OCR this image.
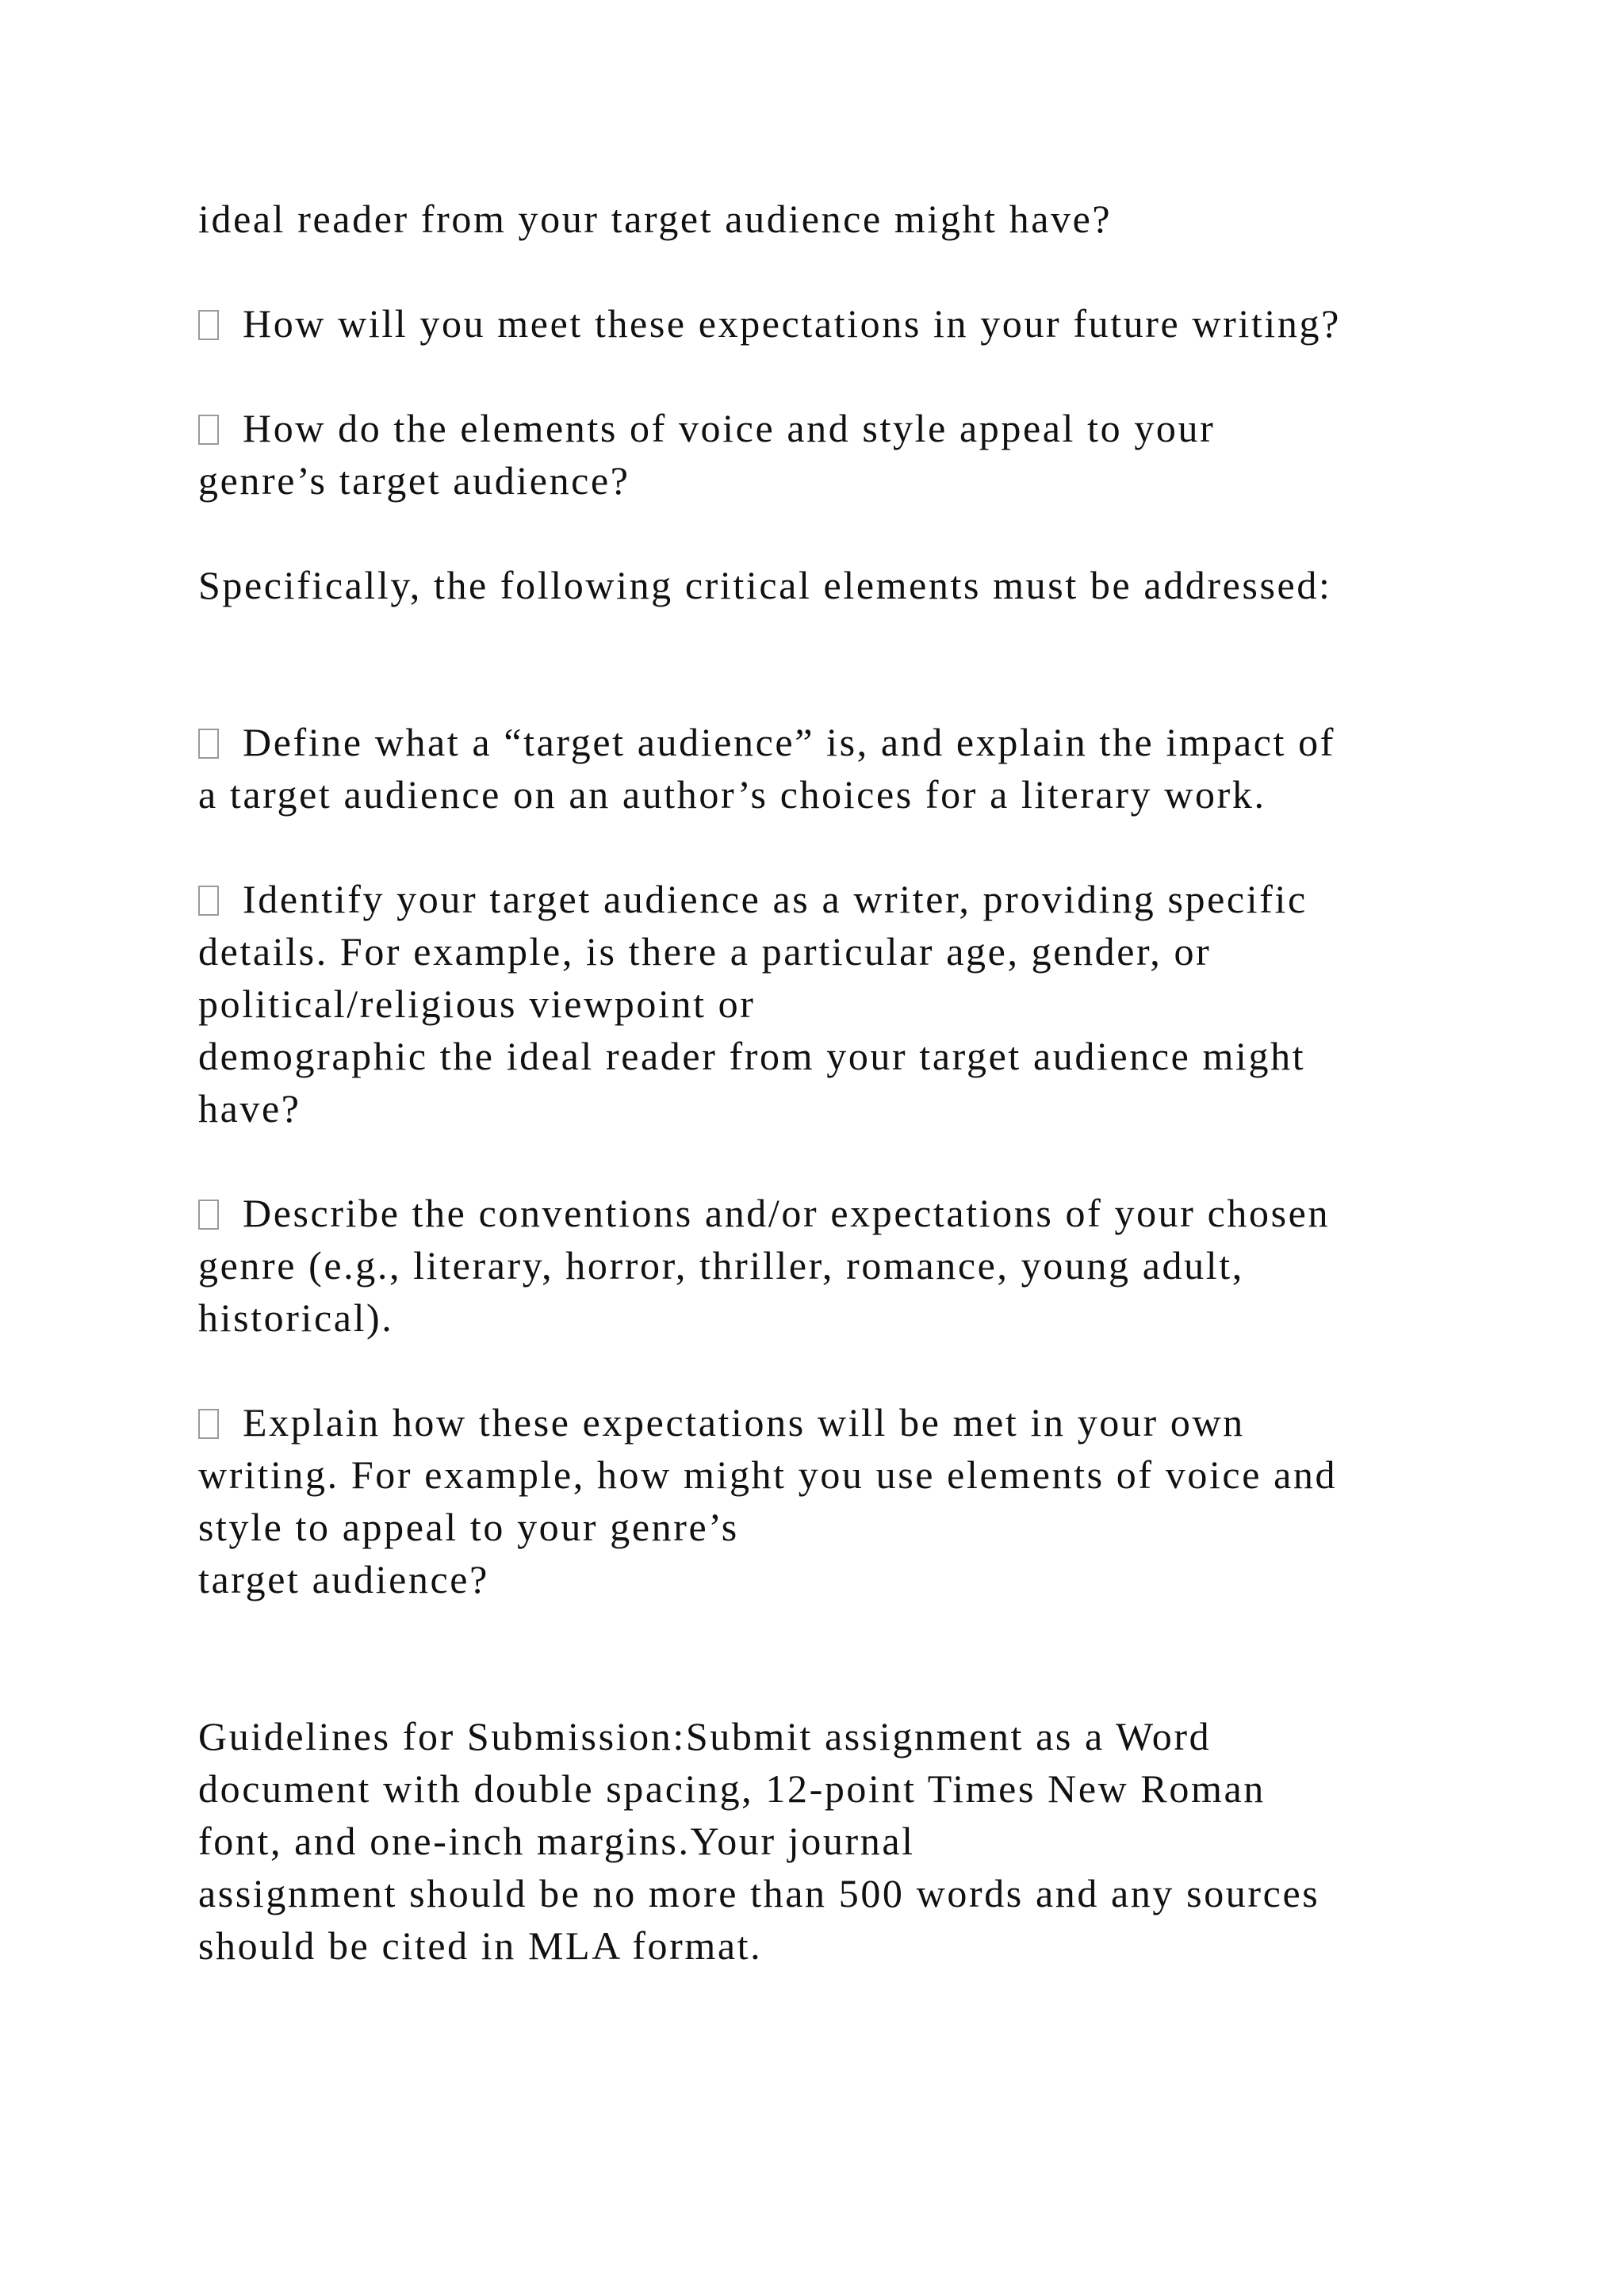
ideal reader from your target audience might have?
How will you meet these expectations in your future writing?
How do the elements of voice and style appeal to your
genre’s target audience?
Specifically, the following critical elements must be addressed:
Define what a “target audience” is, and explain the impact of
a target audience on an author’s choices for a literary work.
Identify your target audience as a writer, providing specific
details. For example, is there a particular age, gender, or
political/religious viewpoint or
demographic the ideal reader from your target audience might
have?
Describe the conventions and/or expectations of your chosen
genre (e.g., literary, horror, thriller, romance, young adult,
historical).
Explain how these expectations will be met in your own
writing. For example, how might you use elements of voice and
style to appeal to your genre’s
target audience?
Guidelines for Submission:Submit assignment as a Word
document with double spacing, 12-point Times New Roman
font, and one-inch margins.Your journal
assignment should be no more than 500 words and any sources
should be cited in MLA format.
